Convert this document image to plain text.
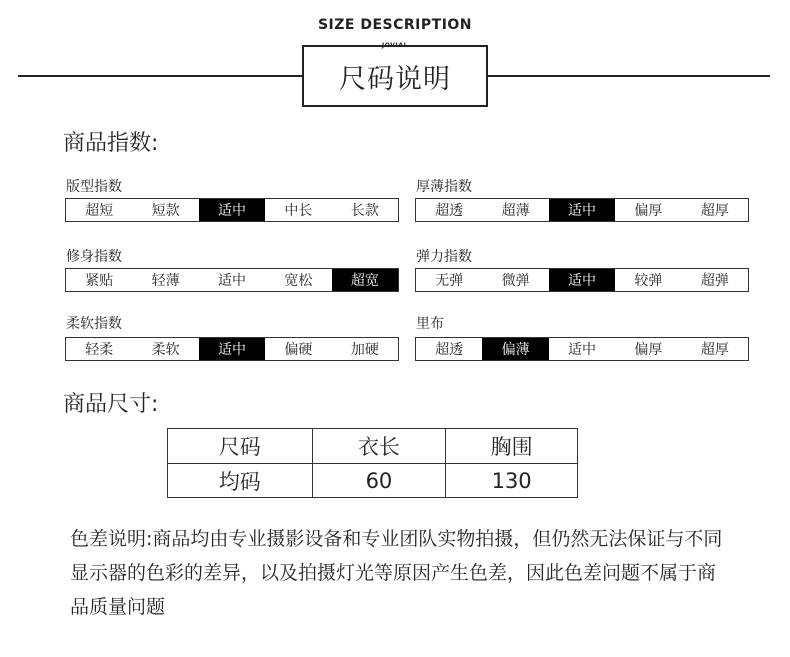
SIZE DESCRIPTION
尺码说明
JOVIAL
商品指数:
版型指数
超短	短款	适中	中长	长款
厚薄指数
超透	超薄	适中	偏厚	超厚
修身指数
紧贴	轻薄	适中	宽松	超宽
弹力指数
无弹	微弹	适中	较弹	超弹
柔软指数
轻柔	柔软	适中	偏硬	加硬
里布
超透	偏薄	适中	偏厚	超厚
商品尺寸:
尺码	衣长	胸围
均码	60	130
色差说明:商品均由专业摄影设备和专业团队实物拍摄，但仍然无法保证与不同
显示器的色彩的差异，以及拍摄灯光等原因产生色差，因此色差问题不属于商
品质量问题
